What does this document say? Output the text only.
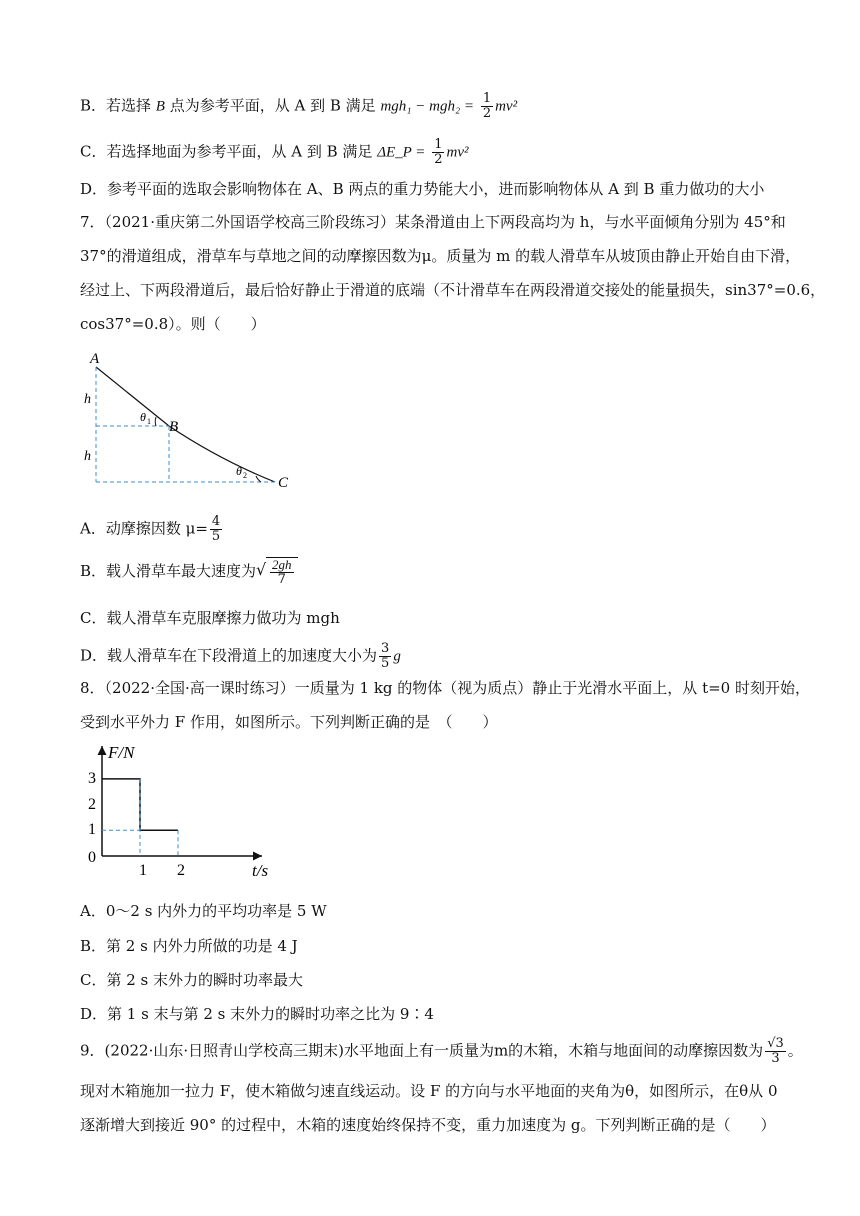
B．若选择 B 点为参考平面，从 A 到 B 满足 $mgh_1 - mgh_2 = \frac{1}{2} mv^2$
C．若选择地面为参考平面，从 A 到 B 满足 ΔE_P = $\frac{1}{2} mv^2$
D．参考平面的选取会影响物体在 A、B 两点的重力势能大小，进而影响物体从 A 到 B 重力做功的大小
7．（2021·重庆第二外国语学校高三阶段练习）某条滑道由上下两段高均为 h，与水平面倾角分别为 45°和
37°的滑道组成，滑草车与草地之间的动摩擦因数为μ。质量为 m 的载人滑草车从坡顶由静止开始自由下滑，
经过上、下两段滑道后，最后恰好静止于滑道的底端（不计滑草车在两段滑道交接处的能量损失，sin37°=0.6，
cos37°=0.8）。则（　　）
A
B
C
h
h
θ 1
θ 2
A．动摩擦因数 $\mu= \frac{4}{5}$
B．载人滑草车最大速度为 √ $\frac{2gh}{7}$
C．载人滑草车克服摩擦力做功为 mgh
D．载人滑草车在下段滑道上的加速度大小为 $\frac{3}{5}$ g
8．（2022·全国·高一课时练习）一质量为 1 kg 的物体（视为质点）静止于光滑水平面上，从 t=0 时刻开始，
受到水平外力 F 作用，如图所示。下列判断正确的是　（　　）
F/N
t/s
3
2
1
0
1 2
A．0～2 s 内外力的平均功率是 5 W
B．第 2 s 内外力所做的功是 4 J
C．第 2 s 末外力的瞬时功率最大
D．第 1 s 末与第 2 s 末外力的瞬时功率之比为 9∶4
9．(2022·山东·日照青山学校高三期末)水平地面上有一质量为m的木箱，木箱与地面间的动摩擦因数为 $\frac{√3}{3}$ 。
现对木箱施加一拉力 F，使木箱做匀速直线运动。设 F 的方向与水平地面的夹角为θ，如图所示，在θ从 0
逐渐增大到接近 90° 的过程中，木箱的速度始终保持不变，重力加速度为 g。下列判断正确的是（　　）
